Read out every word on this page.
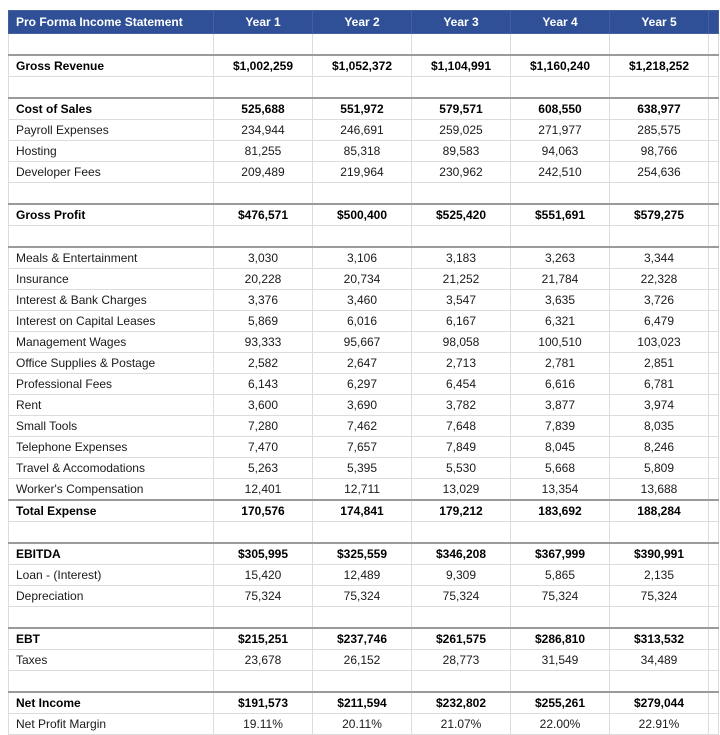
Pro Forma Income Statement	Year 1	Year 2	Year 3	Year 4	Year 5	

Gross Revenue	$1,002,259	$1,052,372	$1,104,991	$1,160,240	$1,218,252	

Cost of Sales	525,688	551,972	579,571	608,550	638,977	
Payroll Expenses	234,944	246,691	259,025	271,977	285,575	
Hosting	81,255	85,318	89,583	94,063	98,766	
Developer Fees	209,489	219,964	230,962	242,510	254,636	

Gross Profit	$476,571	$500,400	$525,420	$551,691	$579,275	

Meals & Entertainment	3,030	3,106	3,183	3,263	3,344	
Insurance	20,228	20,734	21,252	21,784	22,328	
Interest & Bank Charges	3,376	3,460	3,547	3,635	3,726	
Interest on Capital Leases	5,869	6,016	6,167	6,321	6,479	
Management Wages	93,333	95,667	98,058	100,510	103,023	
Office Supplies & Postage	2,582	2,647	2,713	2,781	2,851	
Professional Fees	6,143	6,297	6,454	6,616	6,781	
Rent	3,600	3,690	3,782	3,877	3,974	
Small Tools	7,280	7,462	7,648	7,839	8,035	
Telephone Expenses	7,470	7,657	7,849	8,045	8,246	
Travel & Accomodations	5,263	5,395	5,530	5,668	5,809	
Worker's Compensation	12,401	12,711	13,029	13,354	13,688	
Total Expense	170,576	174,841	179,212	183,692	188,284	

EBITDA	$305,995	$325,559	$346,208	$367,999	$390,991	
Loan - (Interest)	15,420	12,489	9,309	5,865	2,135	
Depreciation	75,324	75,324	75,324	75,324	75,324	

EBT	$215,251	$237,746	$261,575	$286,810	$313,532	
Taxes	23,678	26,152	28,773	31,549	34,489	

Net Income	$191,573	$211,594	$232,802	$255,261	$279,044	
Net Profit Margin	19.11%	20.11%	21.07%	22.00%	22.91%	
